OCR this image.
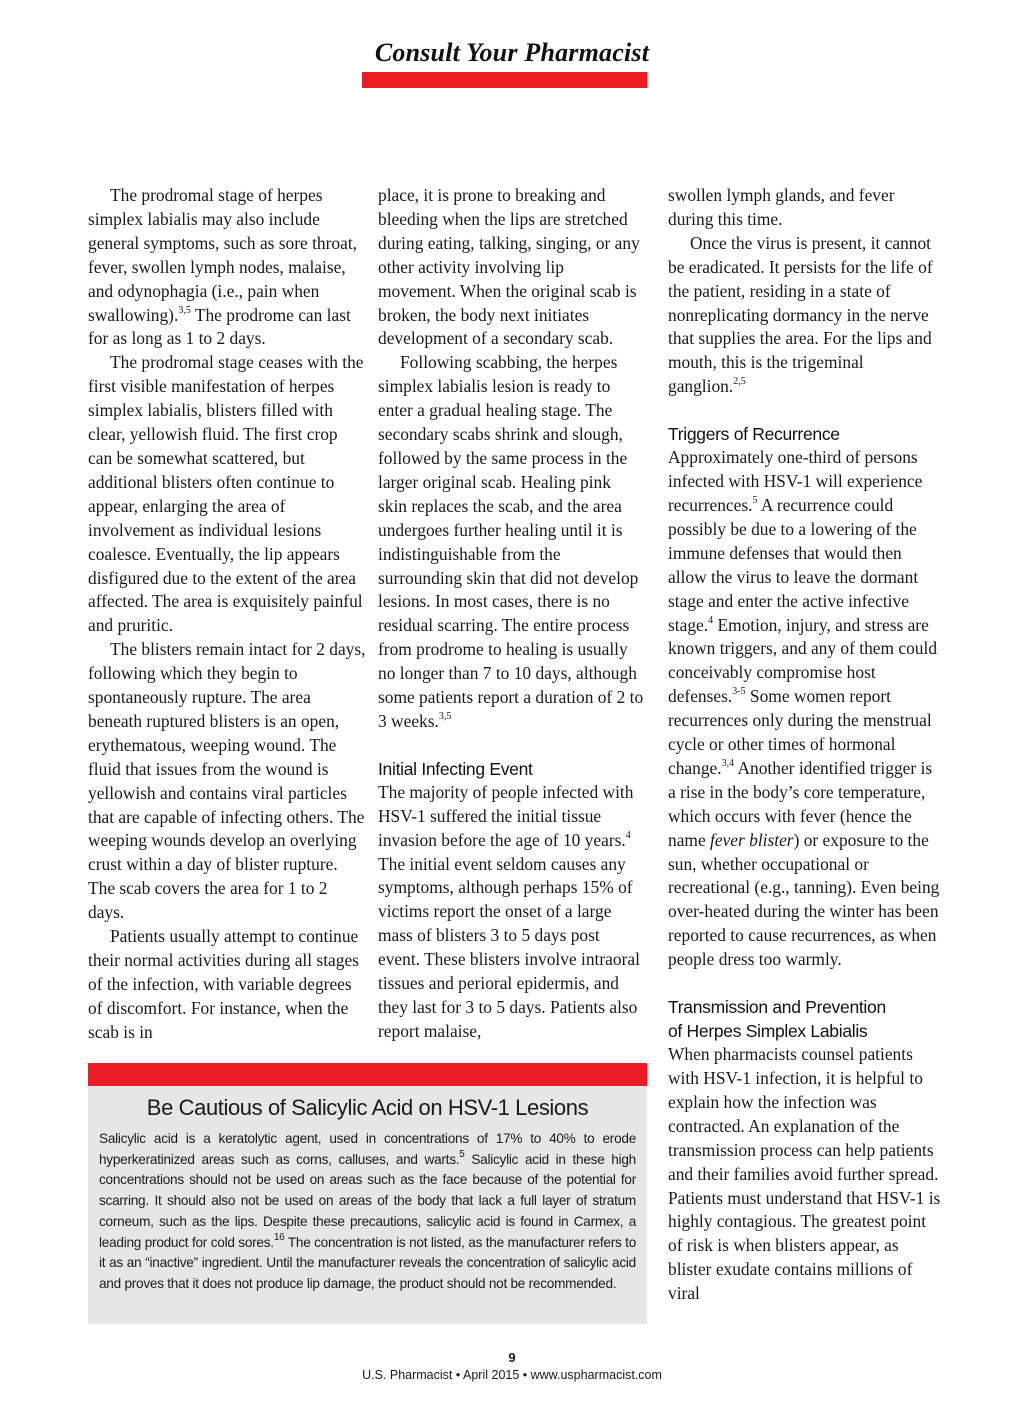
Consult Your Pharmacist

The prodromal stage of herpes simplex labialis may also include general symptoms, such as sore throat, fever, swollen lymph nodes, malaise, and odynophagia (i.e., pain when swallowing).$^{3,5}$ The prodrome can last for as long as 1 to 2 days.

The prodromal stage ceases with the first visible manifestation of herpes simplex labialis, blisters filled with clear, yellowish fluid. The first crop can be somewhat scattered, but additional blisters often continue to appear, enlarging the area of involvement as individual lesions coalesce. Eventually, the lip appears disfigured due to the extent of the area affected. The area is exquisitely painful and pruritic.

The blisters remain intact for 2 days, following which they begin to spontaneously rupture. The area beneath ruptured blisters is an open, erythematous, weeping wound. The fluid that issues from the wound is yellowish and contains viral particles that are capable of infecting others. The weeping wounds develop an overlying crust within a day of blister rupture. The scab covers the area for 1 to 2 days.

Patients usually attempt to continue their normal activities during all stages of the infection, with variable degrees of discomfort. For instance, when the scab is in

place, it is prone to breaking and bleeding when the lips are stretched during eating, talking, singing, or any other activity involving lip movement. When the original scab is broken, the body next initiates development of a secondary scab.

Following scabbing, the herpes simplex labialis lesion is ready to enter a gradual healing stage. The secondary scabs shrink and slough, followed by the same process in the larger original scab. Healing pink skin replaces the scab, and the area undergoes further healing until it is indistinguishable from the surrounding skin that did not develop lesions. In most cases, there is no residual scarring. The entire process from prodrome to healing is usually no longer than 7 to 10 days, although some patients report a duration of 2 to 3 weeks.$^{3,5}$

Initial Infecting Event

The majority of people infected with HSV-1 suffered the initial tissue invasion before the age of 10 years.$^4$ The initial event seldom causes any symptoms, although perhaps 15% of victims report the onset of a large mass of blisters 3 to 5 days post event. These blisters involve intraoral tissues and perioral epidermis, and they last for 3 to 5 days. Patients also report malaise,

swollen lymph glands, and fever during this time.

Once the virus is present, it cannot be eradicated. It persists for the life of the patient, residing in a state of nonreplicating dormancy in the nerve that supplies the area. For the lips and mouth, this is the trigeminal ganglion.$^{2,5}$

Triggers of Recurrence

Approximately one-third of persons infected with HSV-1 will experience recurrences.$^5$ A recurrence could possibly be due to a lowering of the immune defenses that would then allow the virus to leave the dormant stage and enter the active infective stage.$^4$ Emotion, injury, and stress are known triggers, and any of them could conceivably compromise host defenses.$^{3-5}$ Some women report recurrences only during the menstrual cycle or other times of hormonal change.$^{3,4}$ Another identified trigger is a rise in the body’s core temperature, which occurs with fever (hence the name fever blister) or exposure to the sun, whether occupational or recreational (e.g., tanning). Even being over-heated during the winter has been reported to cause recurrences, as when people dress too warmly.

Transmission and Prevention of Herpes Simplex Labialis

When pharmacists counsel patients with HSV-1 infection, it is helpful to explain how the infection was contracted. An explanation of the transmission process can help patients and their families avoid further spread. Patients must understand that HSV-1 is highly contagious. The greatest point of risk is when blisters appear, as blister exudate contains millions of viral

Be Cautious of Salicylic Acid on HSV-1 Lesions

Salicylic acid is a keratolytic agent, used in concentrations of 17% to 40% to erode hyperkeratinized areas such as corns, calluses, and warts.$^5$ Salicylic acid in these high concentrations should not be used on areas such as the face because of the potential for scarring. It should also not be used on areas of the body that lack a full layer of stratum corneum, such as the lips. Despite these precautions, salicylic acid is found in Carmex, a leading product for cold sores.$^{16}$ The concentration is not listed, as the manufacturer refers to it as an “inactive” ingredient. Until the manufacturer reveals the concentration of salicylic acid and proves that it does not produce lip damage, the product should not be recommended.

9
U.S. Pharmacist • April 2015 • www.uspharmacist.com
